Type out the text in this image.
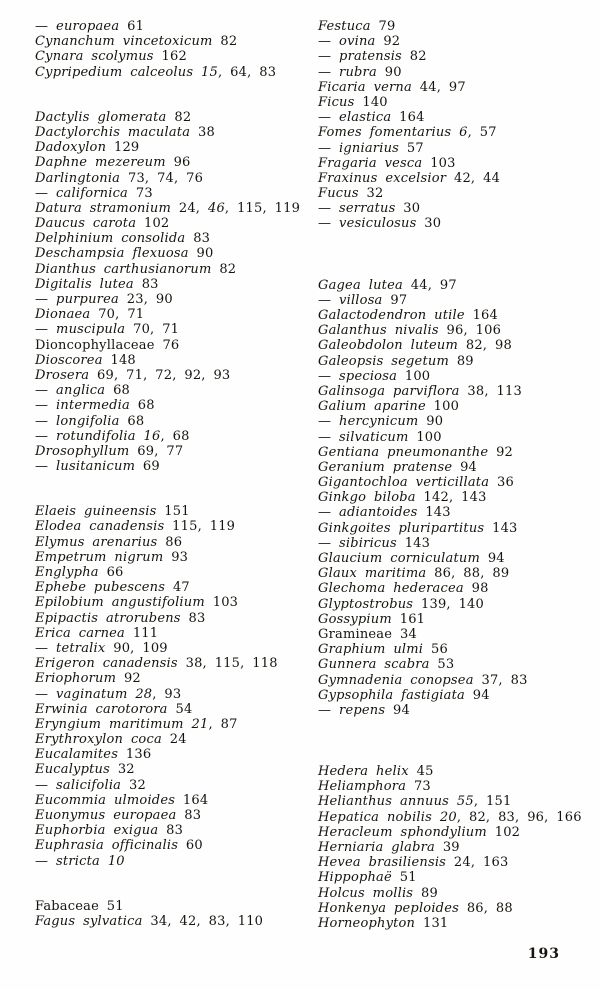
— europaea 61
Cynanchum vincetoxicum 82
Cynara scolymus 162
Cypripedium calceolus 15, 64, 83
Dactylis glomerata 82
Dactylorchis maculata 38
Dadoxylon 129
Daphne mezereum 96
Darlingtonia 73, 74, 76
— californica 73
Datura stramonium 24, 46, 115, 119
Daucus carota 102
Delphinium consolida 83
Deschampsia flexuosa 90
Dianthus carthusianorum 82
Digitalis lutea 83
— purpurea 23, 90
Dionaea 70, 71
— muscipula 70, 71
Dioncophyllaceae 76
Dioscorea 148
Drosera 69, 71, 72, 92, 93
— anglica 68
— intermedia 68
— longifolia 68
— rotundifolia 16, 68
Drosophyllum 69, 77
— lusitanicum 69
Elaeis guineensis 151
Elodea canadensis 115, 119
Elymus arenarius 86
Empetrum nigrum 93
Englypha 66
Ephebe pubescens 47
Epilobium angustifolium 103
Epipactis atrorubens 83
Erica carnea 111
— tetralix 90, 109
Erigeron canadensis 38, 115, 118
Eriophorum 92
— vaginatum 28, 93
Erwinia carotorora 54
Eryngium maritimum 21, 87
Erythroxylon coca 24
Eucalamites 136
Eucalyptus 32
— salicifolia 32
Eucommia ulmoides 164
Euonymus europaea 83
Euphorbia exigua 83
Euphrasia officinalis 60
— stricta 10
Fabaceae 51
Fagus sylvatica 34, 42, 83, 110
Festuca 79
— ovina 92
— pratensis 82
— rubra 90
Ficaria verna 44, 97
Ficus 140
— elastica 164
Fomes fomentarius 6, 57
— igniarius 57
Fragaria vesca 103
Fraxinus excelsior 42, 44
Fucus 32
— serratus 30
— vesiculosus 30
Gagea lutea 44, 97
— villosa 97
Galactodendron utile 164
Galanthus nivalis 96, 106
Galeobdolon luteum 82, 98
Galeopsis segetum 89
— speciosa 100
Galinsoga parviflora 38, 113
Galium aparine 100
— hercynicum 90
— silvaticum 100
Gentiana pneumonanthe 92
Geranium pratense 94
Gigantochloa verticillata 36
Ginkgo biloba 142, 143
— adiantoides 143
Ginkgoites pluripartitus 143
— sibiricus 143
Glaucium corniculatum 94
Glaux maritima 86, 88, 89
Glechoma hederacea 98
Glyptostrobus 139, 140
Gossypium 161
Gramineae 34
Graphium ulmi 56
Gunnera scabra 53
Gymnadenia conopsea 37, 83
Gypsophila fastigiata 94
— repens 94
Hedera helix 45
Heliamphora 73
Helianthus annuus 55, 151
Hepatica nobilis 20, 82, 83, 96, 166
Heracleum sphondylium 102
Herniaria glabra 39
Hevea brasiliensis 24, 163
Hippophaë 51
Holcus mollis 89
Honkenya peploides 86, 88
Horneophyton 131
193
